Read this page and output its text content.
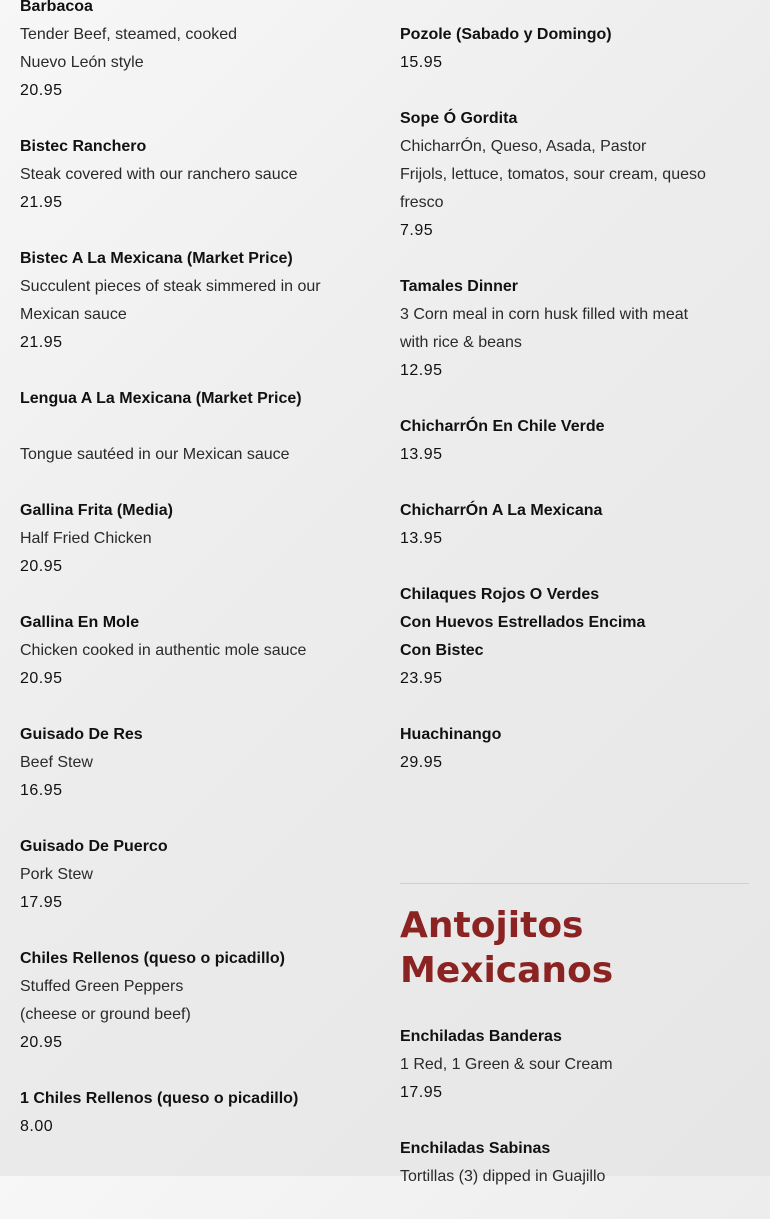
Barbacoa
Tender Beef, steamed, cooked
Nuevo León style
20.95
Bistec Ranchero
Steak covered with our ranchero sauce
21.95
Bistec A La Mexicana (Market Price)
Succulent pieces of steak simmered in our
Mexican sauce
21.95
Lengua A La Mexicana (Market Price)
Tongue sautéed in our Mexican sauce
Gallina Frita (Media)
Half Fried Chicken
20.95
Gallina En Mole
Chicken cooked in authentic mole sauce
20.95
Guisado De Res
Beef Stew
16.95
Guisado De Puerco
Pork Stew
17.95
Chiles Rellenos (queso o picadillo)
Stuffed Green Peppers
(cheese or ground beef)
20.95
1 Chiles Rellenos (queso o picadillo)
8.00
Pozole (Sabado y Domingo)
15.95
Sope Ó Gordita
ChicharrÓn, Queso, Asada, Pastor
Frijols, lettuce, tomatos, sour cream, queso
fresco
7.95
Tamales Dinner
3 Corn meal in corn husk filled with meat
with rice & beans
12.95
ChicharrÓn En Chile Verde
13.95
ChicharrÓn A La Mexicana
13.95
Chilaques Rojos O Verdes
Con Huevos Estrellados Encima
Con Bistec
23.95
Huachinango
29.95
Antojitos Mexicanos
Enchiladas Banderas
1 Red, 1 Green & sour Cream
17.95
Enchiladas Sabinas
Tortillas (3) dipped in Guajillo
